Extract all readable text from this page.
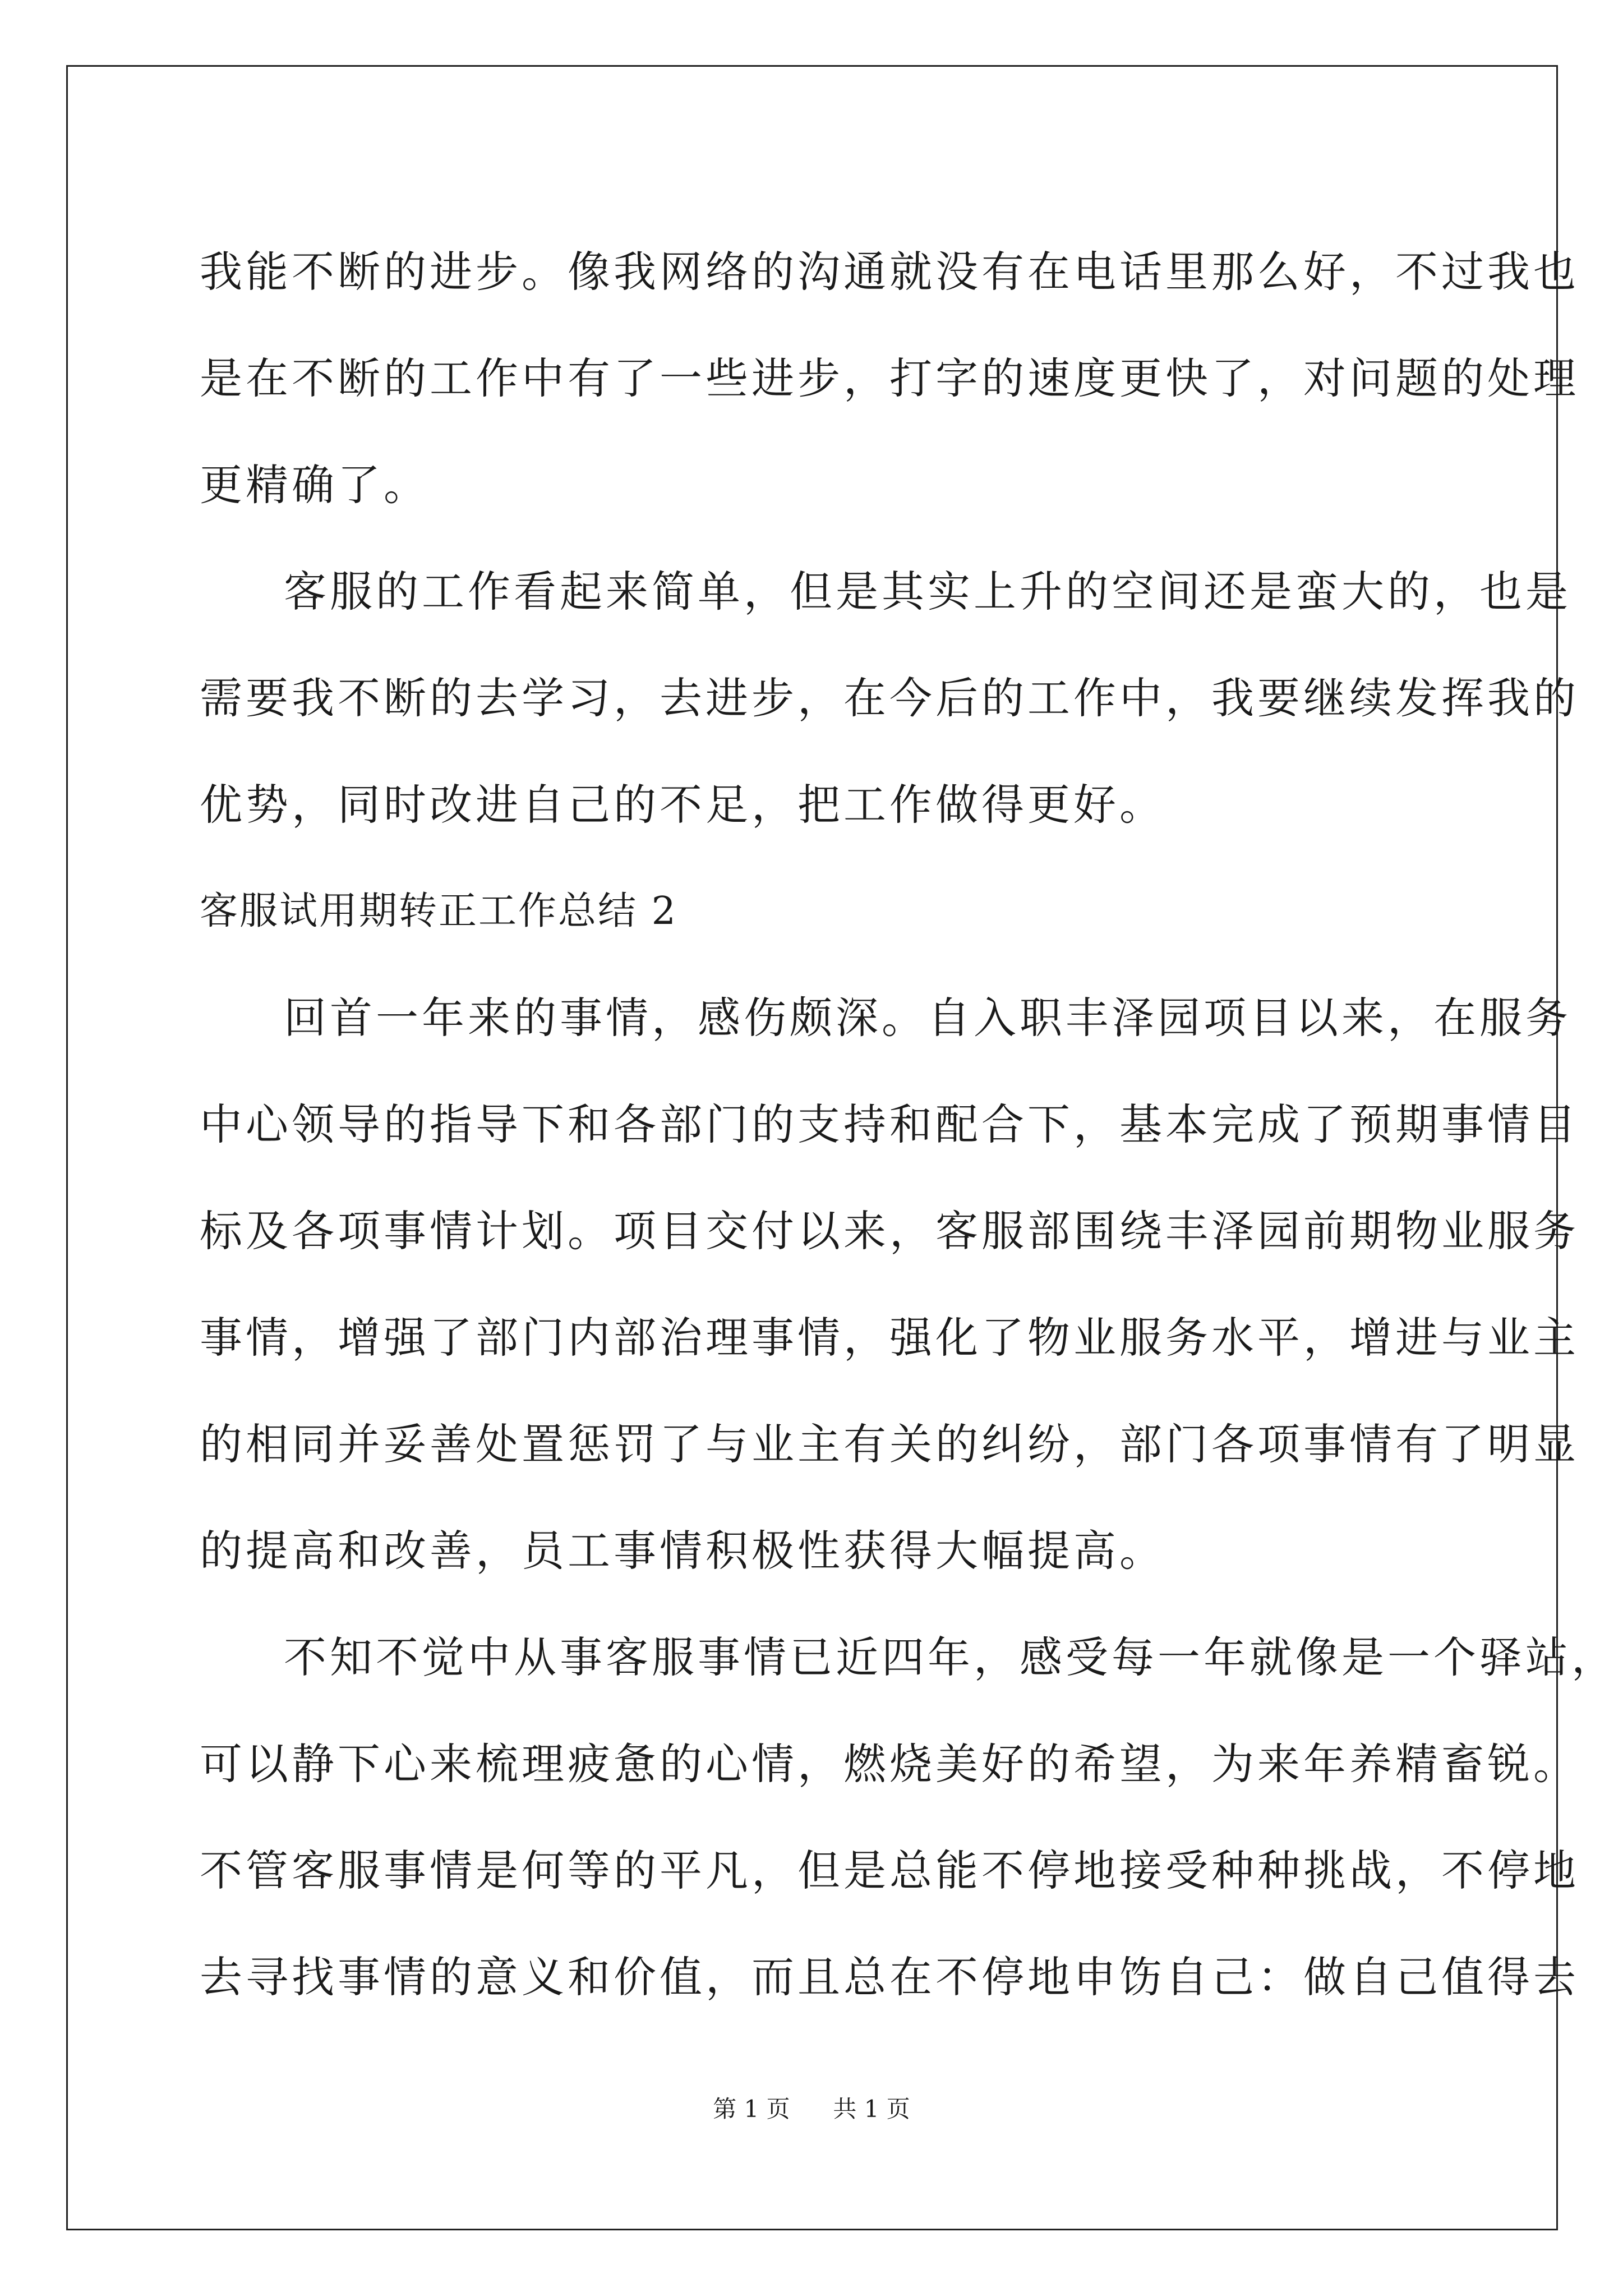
我能不断的进步。像我网络的沟通就没有在电话里那么好，不过我也
是在不断的工作中有了一些进步，打字的速度更快了，对问题的处理
更精确了。
客服的工作看起来简单，但是其实上升的空间还是蛮大的，也是
需要我不断的去学习，去进步，在今后的工作中，我要继续发挥我的
优势，同时改进自己的不足，把工作做得更好。
客服试用期转正工作总结 2
回首一年来的事情，感伤颇深。自入职丰泽园项目以来，在服务
中心领导的指导下和各部门的支持和配合下，基本完成了预期事情目
标及各项事情计划。项目交付以来，客服部围绕丰泽园前期物业服务
事情，增强了部门内部治理事情，强化了物业服务水平，增进与业主
的相同并妥善处置惩罚了与业主有关的纠纷，部门各项事情有了明显
的提高和改善，员工事情积极性获得大幅提高。
不知不觉中从事客服事情已近四年，感受每一年就像是一个驿站，
可以静下心来梳理疲惫的心情，燃烧美好的希望，为来年养精畜锐。
不管客服事情是何等的平凡，但是总能不停地接受种种挑战，不停地
去寻找事情的意义和价值，而且总在不停地申饬自己：做自己值得去
第 1 页 共 1 页
